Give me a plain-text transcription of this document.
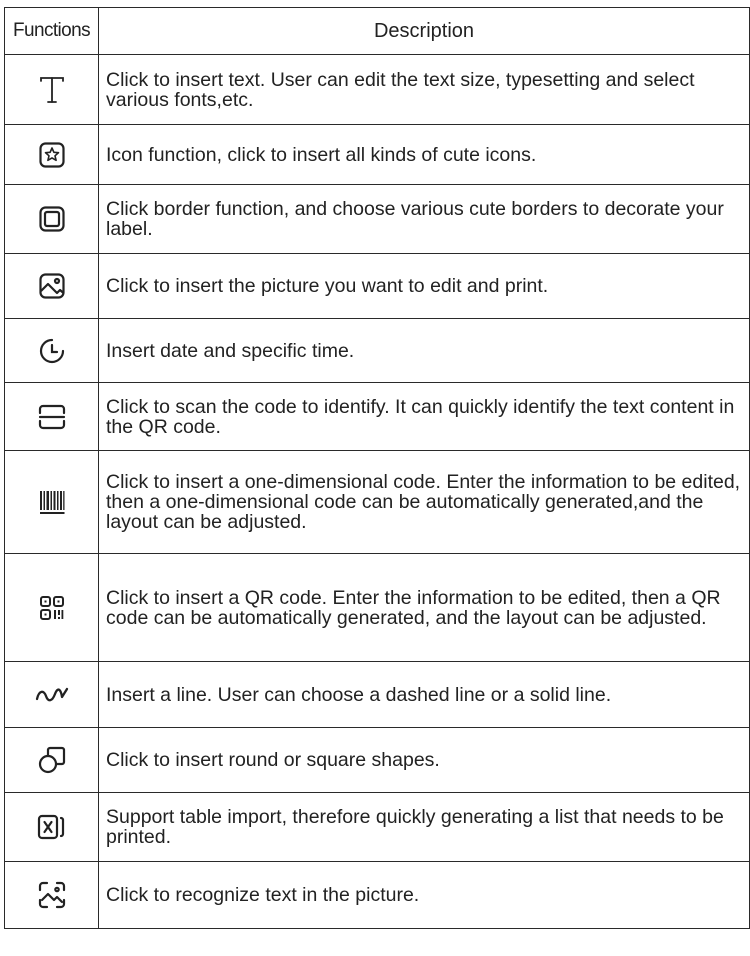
Functions	Description

Click to insert text. User can edit the text size, typesetting and select various fonts,etc.

Icon function, click to insert all kinds of cute icons.

Click border function, and choose various cute borders to decorate your label.

Click to insert the picture you want to edit and print.

Insert date and specific time.

Click to scan the code to identify. It can quickly identify the text content in the QR code.

Click to insert a one-dimensional code. Enter the information to be edited, then a one-dimensional code can be automatically generated,and the layout can be adjusted.

Click to insert a QR code. Enter the information to be edited, then a QR code can be automatically generated, and the layout can be adjusted.

Insert a line. User can choose a dashed line or a solid line.

Click to insert round or square shapes.

Support table import, therefore quickly generating a list that needs to be printed.

Click to recognize text in the picture.
